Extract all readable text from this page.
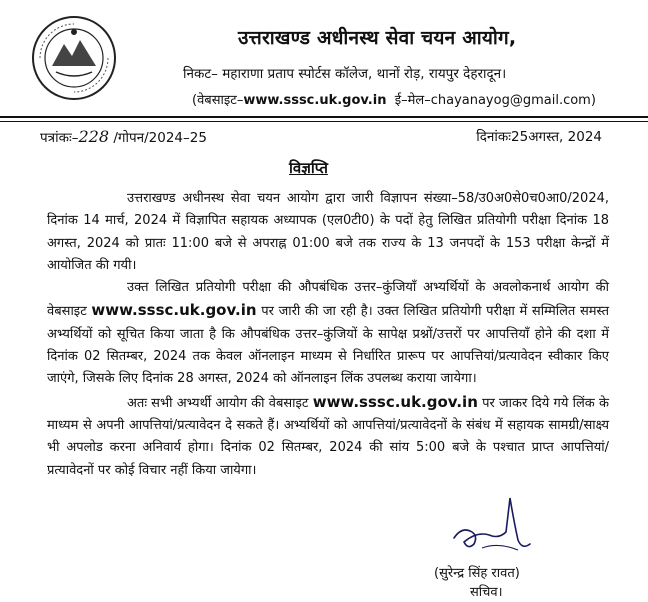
उत्तराखण्ड अधीनस्थ सेवा चयन आयोग,
निकट– महाराणा प्रताप स्पोर्टस कॉलेज, थानों रोड़, रायपुर देहरादून।
(वेबसाइट–www.sssc.uk.gov.in ई–मेल–chayanayog@gmail.com)
पत्रांकः–228 /गोपन/2024–25	दिनांकः25अगस्त, 2024
विज्ञप्ति

उत्तराखण्ड अधीनस्थ सेवा चयन आयोग द्वारा जारी विज्ञापन संख्या–58/उ0अ0से0च0आ0/2024, दिनांक 14 मार्च, 2024 में विज्ञापित सहायक अध्यापक (एल0टी0) के पदों हेतु लिखित प्रतियोगी परीक्षा दिनांक 18 अगस्त, 2024 को प्रातः 11:00 बजे से अपराह्न 01:00 बजे तक राज्य के 13 जनपदों के 153 परीक्षा केन्द्रों में आयोजित की गयी।

उक्त लिखित प्रतियोगी परीक्षा की औपबंधिक उत्तर–कुंजियाँ अभ्यर्थियों के अवलोकनार्थ आयोग की वेबसाइट www.sssc.uk.gov.in पर जारी की जा रही है। उक्त लिखित प्रतियोगी परीक्षा में सम्मिलित समस्त अभ्यर्थियों को सूचित किया जाता है कि औपबंधिक उत्तर–कुंजियों के सापेक्ष प्रश्नों/उत्तरों पर आपत्तियाँ होने की दशा में दिनांक 02 सितम्बर, 2024 तक केवल ऑनलाइन माध्यम से निर्धारित प्रारूप पर आपत्तियां/प्रत्यावेदन स्वीकार किए जाएंगे, जिसके लिए दिनांक 28 अगस्त, 2024 को ऑनलाइन लिंक उपलब्ध कराया जायेगा।

अतः सभी अभ्यर्थी आयोग की वेबसाइट www.sssc.uk.gov.in पर जाकर दिये गये लिंक के माध्यम से अपनी आपत्तियां/प्रत्यावेदन दे सकते हैं। अभ्यर्थियों को आपत्तियां/प्रत्यावेदनों के संबंध में सहायक सामग्री/साक्ष्य भी अपलोड करना अनिवार्य होगा। दिनांक 02 सितम्बर, 2024 की सांय 5:00 बजे के पश्चात प्राप्त आपत्तियां/प्रत्यावेदनों पर कोई विचार नहीं किया जायेगा।

(सुरेन्द्र सिंह रावत)
सचिव।
